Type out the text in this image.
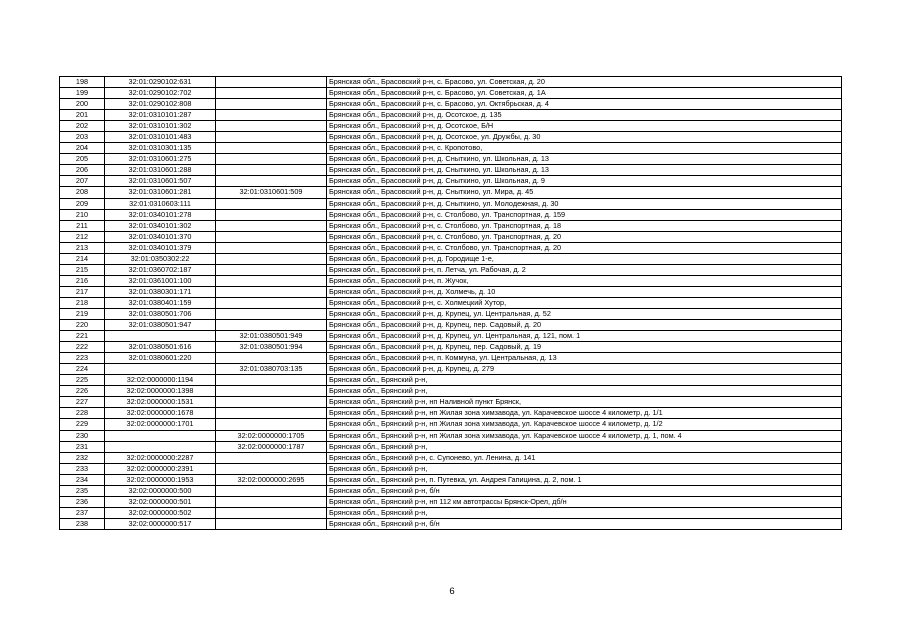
198	32:01:0290102:631		Брянская обл., Брасовский р-н, с. Брасово, ул. Советская, д. 20
199	32:01:0290102:702		Брянская обл., Брасовский р-н, с. Брасово, ул. Советская, д. 1А
200	32:01:0290102:808		Брянская обл., Брасовский р-н, с. Брасово, ул. Октябрьская, д. 4
201	32:01:0310101:287		Брянская обл., Брасовский р-н, д. Осотское, д. 135
202	32:01:0310101:302		Брянская обл., Брасовский р-н, д. Осотское, Б/Н
203	32:01:0310101:483		Брянская обл., Брасовский р-н, д. Осотское, ул. Дружбы, д. 30
204	32:01:0310301:135		Брянская обл., Брасовский р-н, с. Кропотово,
205	32:01:0310601:275		Брянская обл., Брасовский р-н, д. Сныткино, ул. Школьная, д. 13
206	32:01:0310601:288		Брянская обл., Брасовский р-н, д. Сныткино, ул. Школьная, д. 13
207	32:01:0310601:507		Брянская обл., Брасовский р-н, д. Сныткино, ул. Школьная, д. 9
208	32:01:0310601:281	32:01:0310601:509	Брянская обл., Брасовский р-н, д. Сныткино, ул. Мира, д. 45
209	32:01:0310603:111		Брянская обл., Брасовский р-н, д. Сныткино, ул. Молодежная, д. 30
210	32:01:0340101:278		Брянская обл., Брасовский р-н, с. Столбово, ул. Транспортная, д. 159
211	32:01:0340101:302		Брянская обл., Брасовский р-н, с. Столбово, ул. Транспортная, д. 18
212	32:01:0340101:370		Брянская обл., Брасовский р-н, с. Столбово, ул. Транспортная, д. 20
213	32:01:0340101:379		Брянская обл., Брасовский р-н, с. Столбово, ул. Транспортная, д. 20
214	32:01:0350302:22		Брянская обл., Брасовский р-н, д. Городище 1-е,
215	32:01:0360702:187		Брянская обл., Брасовский р-н, п. Летча, ул. Рабочая, д. 2
216	32:01:0361001:100		Брянская обл., Брасовский р-н, п. Жучок,
217	32:01:0380301:171		Брянская обл., Брасовский р-н, д. Холмечь, д. 10
218	32:01:0380401:159		Брянская обл., Брасовский р-н, с. Холмецкий Хутор,
219	32:01:0380501:706		Брянская обл., Брасовский р-н, д. Крупец, ул. Центральная, д. 52
220	32:01:0380501:947		Брянская обл., Брасовский р-н, д. Крупец, пер. Садовый, д. 20
221		32:01:0380501:949	Брянская обл., Брасовский р-н, д. Крупец, ул. Центральная, д. 121, пом. 1
222	32:01:0380501:616	32:01:0380501:994	Брянская обл., Брасовский р-н, д. Крупец, пер. Садовый, д. 19
223	32:01:0380601:220		Брянская обл., Брасовский р-н, п. Коммуна, ул. Центральная, д. 13
224		32:01:0380703:135	Брянская обл., Брасовский р-н, д. Крупец, д. 279
225	32:02:0000000:1194		Брянская обл., Брянский р-н,
226	32:02:0000000:1398		Брянская обл., Брянский р-н,
227	32:02:0000000:1531		Брянская обл., Брянский р-н, нп Наливной пункт Брянск,
228	32:02:0000000:1678		Брянская обл., Брянский р-н, нп Жилая зона химзавода, ул. Карачевское шоссе 4 километр, д. 1/1
229	32:02:0000000:1701		Брянская обл., Брянский р-н, нп Жилая зона химзавода, ул. Карачевское шоссе 4 километр, д. 1/2
230		32:02:0000000:1705	Брянская обл., Брянский р-н, нп Жилая зона химзавода, ул. Карачевское шоссе 4 километр, д. 1, пом. 4
231		32:02:0000000:1787	Брянская обл., Брянский р-н,
232	32:02:0000000:2287		Брянская обл., Брянский р-н, с. Супонево, ул. Ленина, д. 141
233	32:02:0000000:2391		Брянская обл., Брянский р-н,
234	32:02:0000000:1953	32:02:0000000:2695	Брянская обл., Брянский р-н, п. Путевка, ул. Андрея Гапицина, д. 2, пом. 1
235	32:02:0000000:500		Брянская обл., Брянский р-н, б/н
236	32:02:0000000:501		Брянская обл., Брянский р-н, нп 112 км автотрассы Брянск-Орел, дб/н
237	32:02:0000000:502		Брянская обл., Брянский р-н,
238	32:02:0000000:517		Брянская обл., Брянский р-н, б/н
6
